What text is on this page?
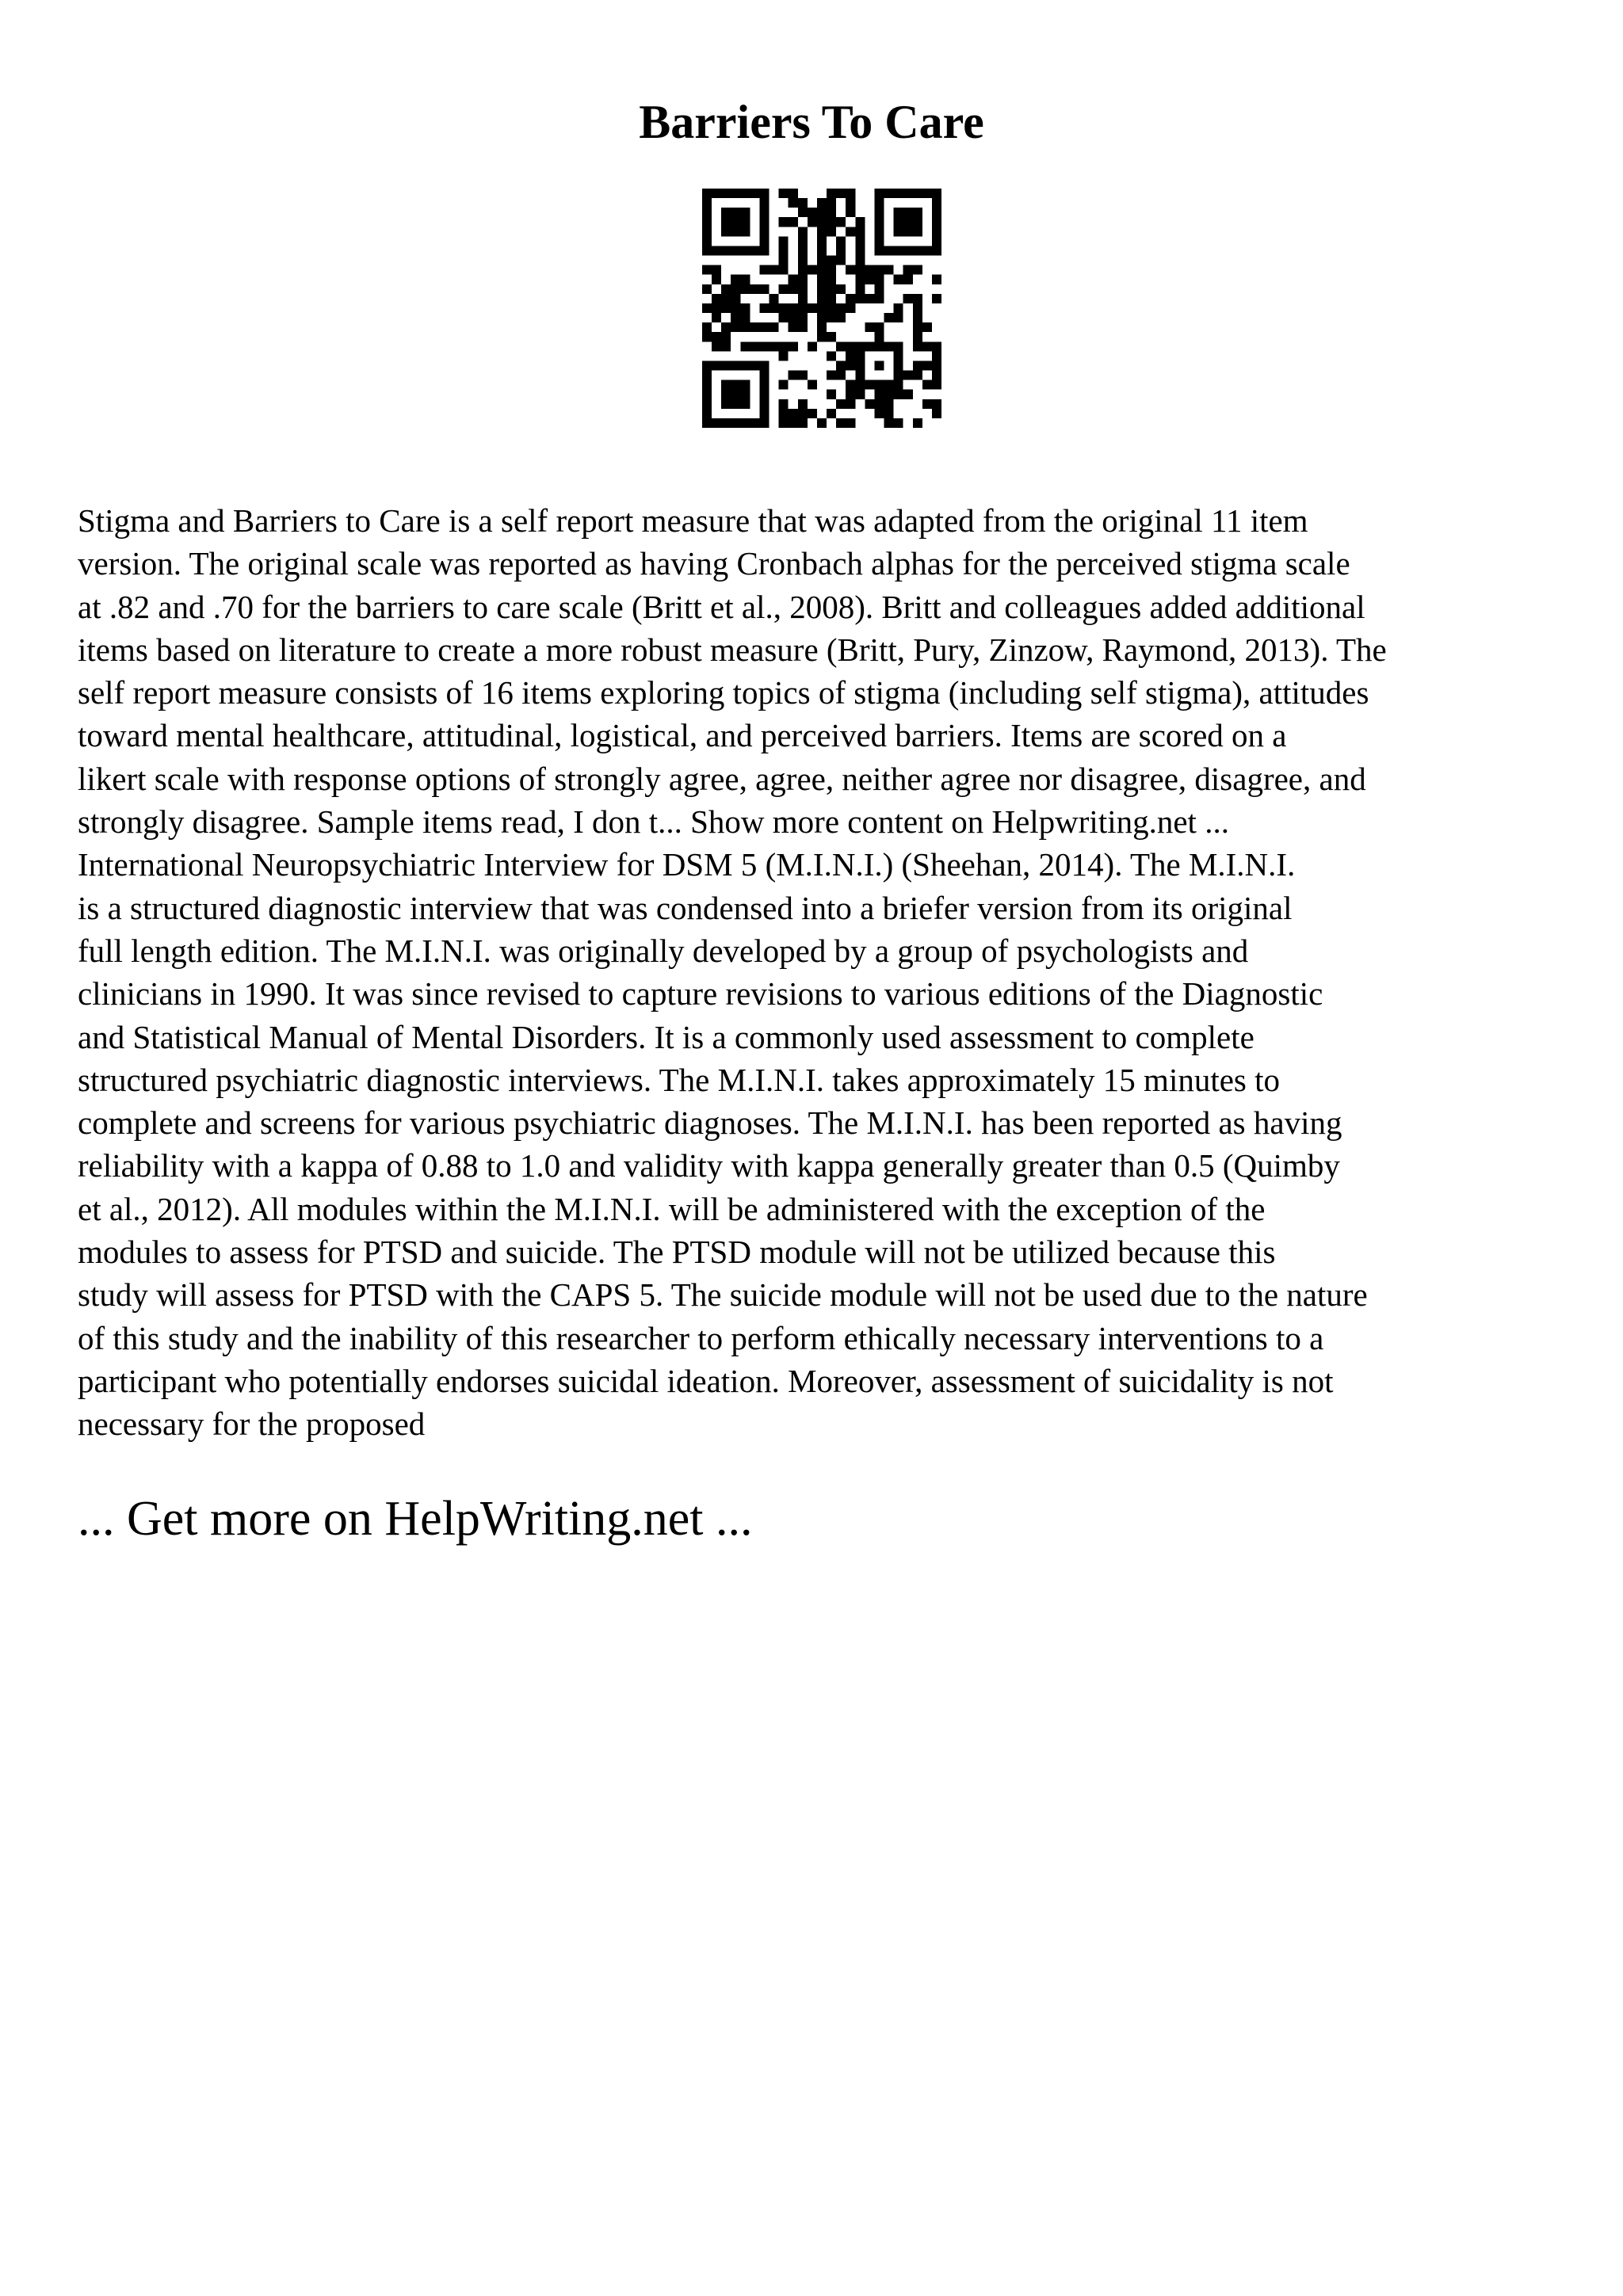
Barriers To Care
Stigma and Barriers to Care is a self report measure that was adapted from the original 11 item
version. The original scale was reported as having Cronbach alphas for the perceived stigma scale
at .82 and .70 for the barriers to care scale (Britt et al., 2008). Britt and colleagues added additional
items based on literature to create a more robust measure (Britt, Pury, Zinzow, Raymond, 2013). The
self report measure consists of 16 items exploring topics of stigma (including self stigma), attitudes
toward mental healthcare, attitudinal, logistical, and perceived barriers. Items are scored on a
likert scale with response options of strongly agree, agree, neither agree nor disagree, disagree, and
strongly disagree. Sample items read, I don t... Show more content on Helpwriting.net ...
International Neuropsychiatric Interview for DSM 5 (M.I.N.I.) (Sheehan, 2014). The M.I.N.I.
is a structured diagnostic interview that was condensed into a briefer version from its original
full length edition. The M.I.N.I. was originally developed by a group of psychologists and
clinicians in 1990. It was since revised to capture revisions to various editions of the Diagnostic
and Statistical Manual of Mental Disorders. It is a commonly used assessment to complete
structured psychiatric diagnostic interviews. The M.I.N.I. takes approximately 15 minutes to
complete and screens for various psychiatric diagnoses. The M.I.N.I. has been reported as having
reliability with a kappa of 0.88 to 1.0 and validity with kappa generally greater than 0.5 (Quimby
et al., 2012). All modules within the M.I.N.I. will be administered with the exception of the
modules to assess for PTSD and suicide. The PTSD module will not be utilized because this
study will assess for PTSD with the CAPS 5. The suicide module will not be used due to the nature
of this study and the inability of this researcher to perform ethically necessary interventions to a
participant who potentially endorses suicidal ideation. Moreover, assessment of suicidality is not
necessary for the proposed
... Get more on HelpWriting.net ...
